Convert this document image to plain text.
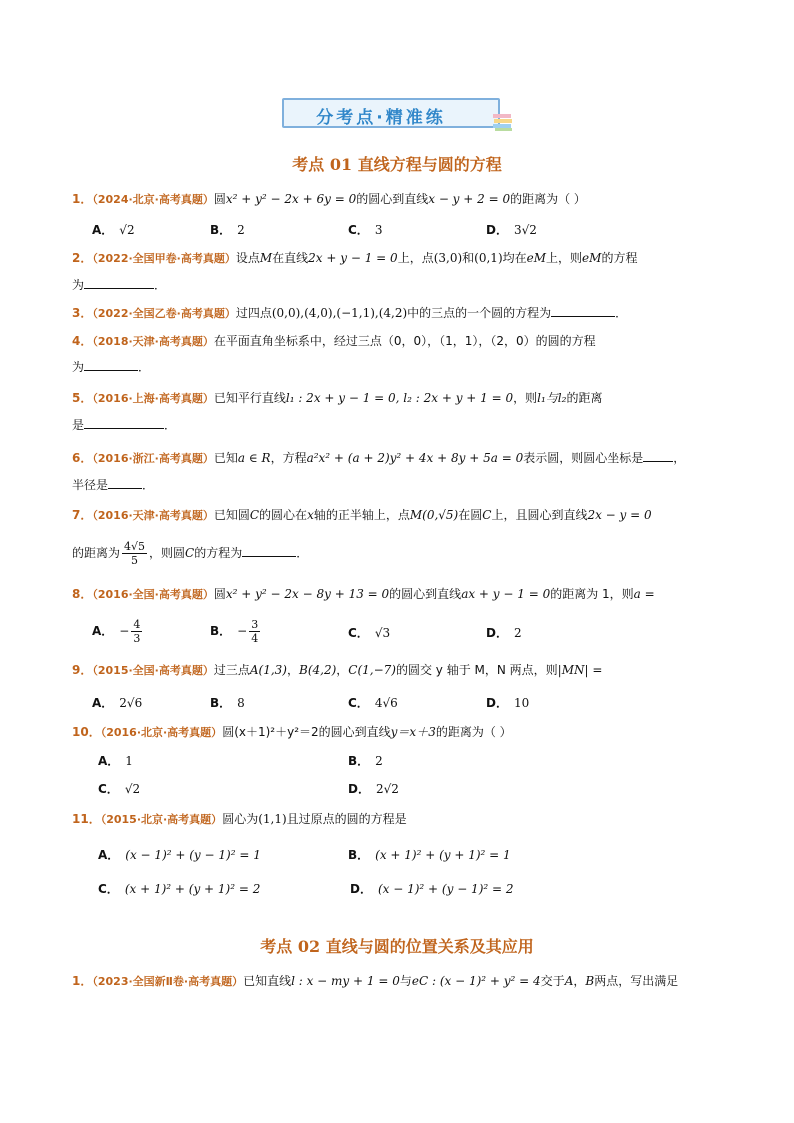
分考点·精准练
考点 01 直线方程与圆的方程
1．（2024·北京·高考真题）圆x² + y² − 2x + 6y = 0的圆心到直线x − y + 2 = 0的距离为（ ）
A． √2	B． 2	C． 3	D． 3√2
2．（2022·全国甲卷·高考真题）设点M在直线2x + y − 1 = 0上，点(3,0)和(0,1)均在eM上，则eM的方程
为	．
3．（2022·全国乙卷·高考真题）过四点(0,0),(4,0),(−1,1),(4,2)中的三点的一个圆的方程为	．
4．（2018·天津·高考真题）在平面直角坐标系中，经过三点（0，0），（1，1），（2，0）的圆的方程
为	．
5．（2016·上海·高考真题）已知平行直线l₁ : 2x + y − 1 = 0, l₂ : 2x + y + 1 = 0，则l₁与l₂的距离
是	．
6．（2016·浙江·高考真题）已知a ∈ R，方程a²x² + (a + 2)y² + 4x + 8y + 5a = 0表示圆，则圆心坐标是	，
半径是	．
7．（2016·天津·高考真题）已知圆C的圆心在x轴的正半轴上，点M(0,√5)在圆C上，且圆心到直线2x − y = 0
的距离为 $\frac{4√5}{5}$ ，则圆C的方程为	．
8．（2016·全国·高考真题）圆x² + y² − 2x − 8y + 13 = 0的圆心到直线ax + y − 1 = 0的距离为 1，则a =
A． − $\frac{4}{3}$	B． − $\frac{3}{4}$	C． √3	D． 2
9．（2015·全国·高考真题）过三点A(1,3)，B(4,2)，C(1,−7)的圆交 y 轴于 M，N 两点，则|MN| =
A． 2√6	B． 8	C． 4√6	D． 10
10．（2016·北京·高考真题）圆(x＋1)²＋y²＝2的圆心到直线y＝x＋3的距离为（ ）
A． 1	B． 2
C． √2	D． 2√2
11．（2015·北京·高考真题）圆心为(1,1)且过原点的圆的方程是
A． (x − 1)² + (y − 1)² = 1	B． (x + 1)² + (y + 1)² = 1
C． (x + 1)² + (y + 1)² = 2	D． (x − 1)² + (y − 1)² = 2
考点 02 直线与圆的位置关系及其应用
1．（2023·全国新Ⅱ卷·高考真题）已知直线l : x − my + 1 = 0与eC : (x − 1)² + y² = 4交于A，B两点，写出满足
